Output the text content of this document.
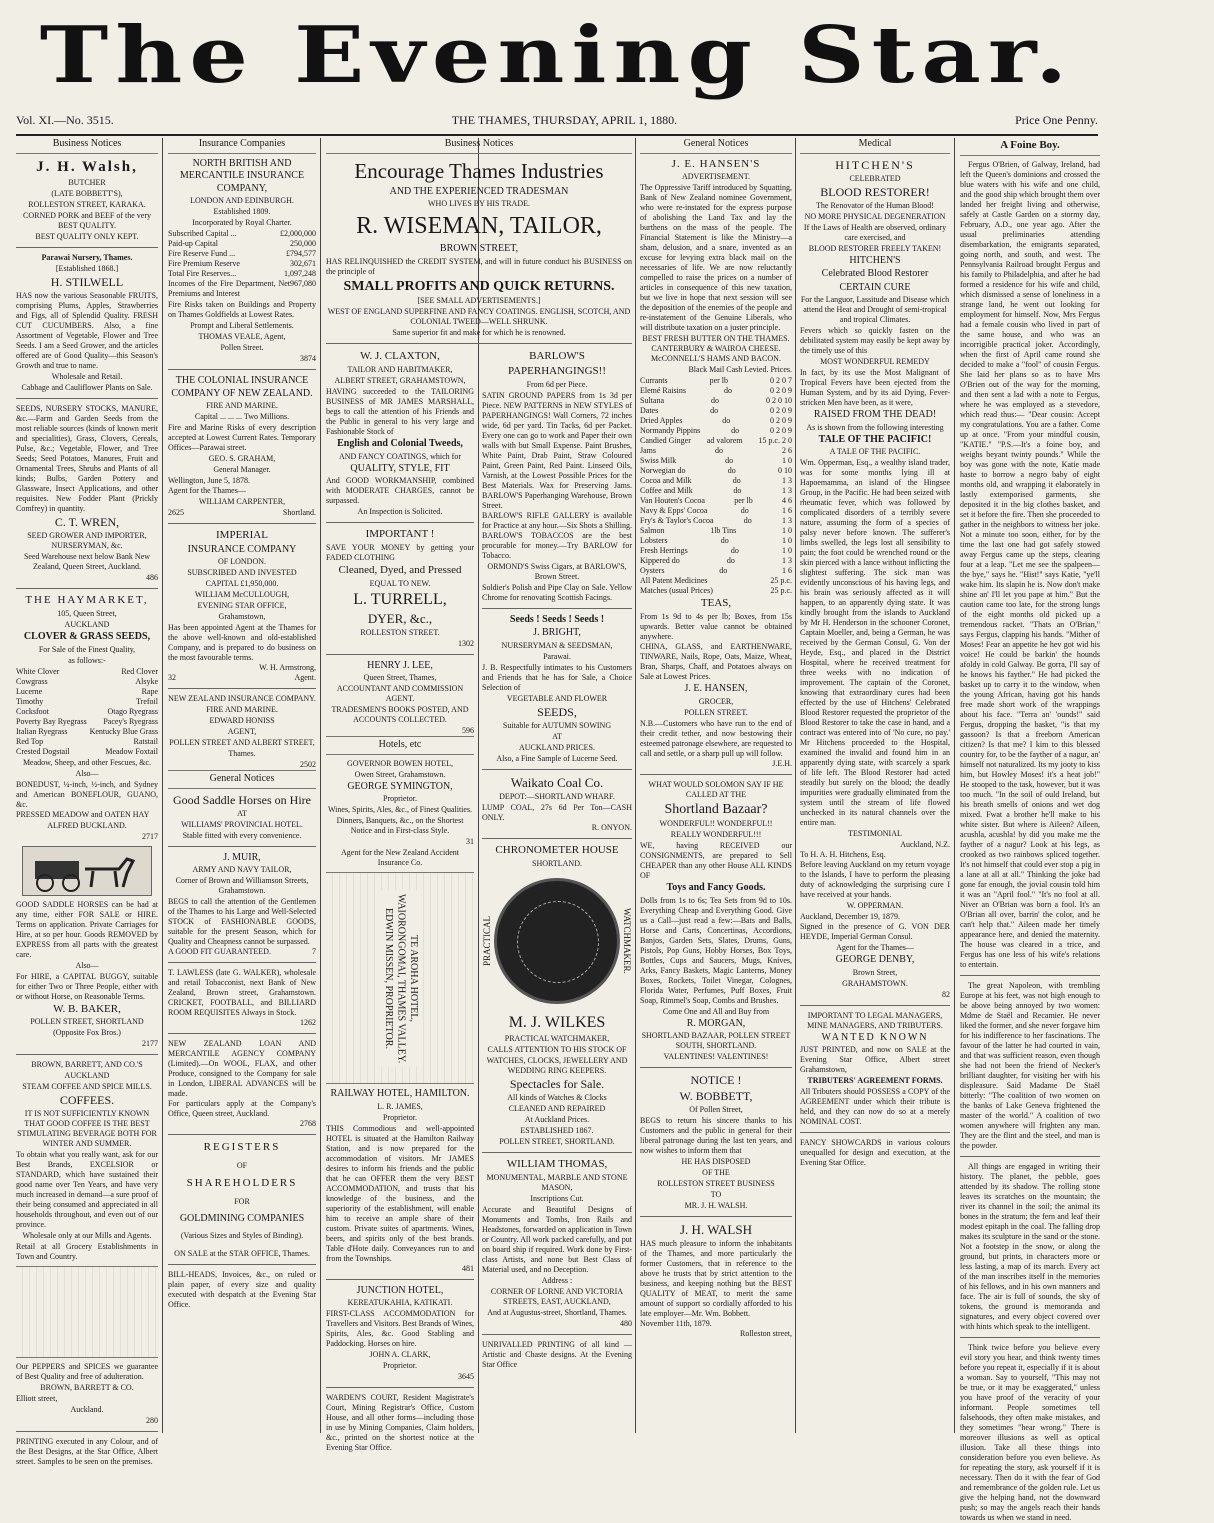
The Evening Star.
Vol. XI.—No. 3515.	THE THAMES, THURSDAY, APRIL 1, 1880.	Price One Penny.
Business Notices
J. H. Walsh,
BUTCHER
(LATE BOBBETT'S),
ROLLESTON STREET, KARAKA.
CORNED PORK and BEEF of the very BEST QUALITY.
BEST QUALITY ONLY KEPT.
Parawai Nursery, Thames.
[Established 1868.]
H. STILWELL
HAS now the various Seasonable FRUITS, comprising Plums, Apples, Strawberries and Figs, all of Splendid Quality. FRESH CUT CUCUMBERS. Also, a fine Assortment of Vegetable, Flower and Tree Seeds. I am a Seed Grower, and the articles offered are of Good Quality—this Season's Growth and true to name.
Wholesale and Retail.
Cabbage and Cauliflower Plants on Sale.
SEEDS, NURSERY STOCKS, MANURE, &c.—Farm and Garden Seeds from the most reliable sources (kinds of known merit and specialities), Grass, Clovers, Cereals, Pulse, &c.; Vegetable, Flower, and Tree Seeds; Seed Potatoes, Manures, Fruit and Ornamental Trees, Shrubs and Plants of all kinds; Bulbs, Garden Pottery and Glassware, Insect Applications, and other requisites. New Fodder Plant (Prickly Comfrey) in quantity.
C. T. WREN,
SEED GROWER AND IMPORTER, NURSERYMAN, &c.
Seed Warehouse next below Bank New Zealand, Queen Street, Auckland.
486
THE HAYMARKET,
105, Queen Street,
AUCKLAND
CLOVER & GRASS SEEDS,
For Sale of the Finest Quality,
as follows:-
White Clover	Red Clover
Cowgrass	Alsyke
Lucerne	Rape
Timothy	Trefoil
Cocksfoot	Otago Ryegrass
Poverty Bay Ryegrass Pacey's Ryegrass
Italian Ryegrass	Kentucky Blue Grass
Red Top	Ratstail
Crested Dogstail	Meadow Foxtail
Meadow, Sheep, and other Fescues, &c.
Also—
BONEDUST, ¼-inch, ½-inch, and Sydney and American BONEFLOUR, GUANO, &c.
PRESSED MEADOW and OATEN HAY
ALFRED BUCKLAND.
2717
GOOD SADDLE HORSES can be had at any time, either FOR SALE or HIRE. Terms on application. Private Carriages for Hire, at so per hour. Goods REMOVED by EXPRESS from all parts with the greatest care.
Also—
For HIRE, a CAPITAL BUGGY, suitable for either Two or Three People, either with or without Horse, on Reasonable Terms.
W. B. BAKER,
POLLEN STREET, SHORTLAND
(Opposite Fox Bros.)
2177
BROWN, BARRETT, AND CO.'S
AUCKLAND
STEAM COFFEE AND SPICE MILLS.
COFFEES.
IT IS NOT SUFFICIENTLY KNOWN THAT GOOD COFFEE IS THE BEST STIMULATING BEVERAGE BOTH FOR WINTER AND SUMMER.
To obtain what you really want, ask for our Best Brands, EXCELSIOR or STANDARD, which have sustained their good name over Ten Years, and have very much increased in demand—a sure proof of their being consumed and appreciated in all households throughout, and even out of our province.
Wholesale only at our Mills and Agents.
Retail at all Grocery Establishments in Town and Country.
Our PEPPERS and SPICES we guarantee of Best Quality and free of adulteration.
BROWN, BARRETT & CO.
Elliott street,
Auckland.
280
PRINTING executed in any Colour, and of the Best Designs, at the Star Office, Albert street. Samples to be seen on the premises.
Insurance Companies
NORTH BRITISH AND MERCANTILE INSURANCE COMPANY,
LONDON AND EDINBURGH.
Established 1809.
Incorporated by Royal Charter.
Subscribed Capital ...	£2,000,000
Paid-up Capital	250,000
Fire Reserve Fund ...	£794,577
Fire Premium Reserve	302,671
Total Fire Reserves...	1,097,248
Incomes of the Fire Department, Net Premiums and Interest
967,080
Fire Risks taken on Buildings and Property on Thames Goldfields at Lowest Rates.
Prompt and Liberal Settlements.
THOMAS VEALE, Agent,
Pollen Street.
3874
THE COLONIAL INSURANCE COMPANY OF NEW ZEALAND.
FIRE AND MARINE.
Capital ... ... ... Two Millions.
Fire and Marine Risks of every description accepted at Lowest Current Rates. Temporary Offices—Parawai street.
GEO. S. GRAHAM,
General Manager.
Wellington, June 5, 1878.
Agent for the Thames—
WILLIAM CARPENTER,
2625	Shortland.
IMPERIAL
INSURANCE COMPANY
OF LONDON.
SUBSCRIBED AND INVESTED
CAPITAL £1,950,000.
WILLIAM McCULLOUGH,
EVENING STAR OFFICE,
Grahamstown,
Has been appointed Agent at the Thames for the above well-known and old-established Company, and is prepared to do business on the most favourable terms.
W. H. Armstrong,
32	Agent.
NEW ZEALAND INSURANCE COMPANY.
FIRE AND MARINE.
EDWARD HONISS
AGENT,
POLLEN STREET AND ALBERT STREET,
Thames.
2502
General Notices
Good Saddle Horses on Hire
AT
WILLIAMS' PROVINCIAL HOTEL.
Stable fitted with every convenience.
J. MUIR,
ARMY AND NAVY TAILOR,
Corner of Brown and Williamson Streets, Grahamstown.
BEGS to call the attention of the Gentlemen of the Thames to his Large and Well-Selected STOCK of FASHIONABLE GOODS, suitable for the present Season, which for Quality and Cheapness cannot be surpassed.
A GOOD FIT GUARANTEED.	7
T. LAWLESS (late G. WALKER), wholesale and retail Tobacconist, next Bank of New Zealand, Brown street, Grahamstown. CRICKET, FOOTBALL, and BILLIARD ROOM REQUISITES Always in Stock.
1262
NEW ZEALAND LOAN AND MERCANTILE AGENCY COMPANY (Limited).—On WOOL, FLAX, and other Produce, consigned to the Company for sale in London, LIBERAL ADVANCES will be made.
For particulars apply at the Company's Office, Queen street, Auckland.
2768
REGISTERS
OF
SHAREHOLDERS
FOR
GOLDMINING COMPANIES
(Various Sizes and Styles of Binding).
ON SALE at the STAR OFFICE, Thames.
BILL-HEADS, Invoices, &c., on ruled or plain paper, of every size and quality executed with despatch at the Evening Star Office.
Business Notices
Encourage Thames Industries
AND THE EXPERIENCED TRADESMAN
WHO LIVES BY HIS TRADE.
R. WISEMAN, TAILOR,
BROWN STREET,
HAS RELINQUISHED the CREDIT SYSTEM, and will in future conduct his BUSINESS on the principle of
SMALL PROFITS AND QUICK RETURNS.
[SEE SMALL ADVERTISEMENTS.]
WEST OF ENGLAND SUPERFINE AND FANCY COATINGS. ENGLISH, SCOTCH, AND COLONIAL TWEED—WELL SHRUNK.
Same superior fit and make for which he is renowned.
W. J. CLAXTON,
TAILOR AND HABITMAKER,
ALBERT STREET, GRAHAMSTOWN,
HAVING succeeded to the TAILORING BUSINESS of MR JAMES MARSHALL, begs to call the attention of his Friends and the Public in general to his very large and Fashionable Stock of
English and Colonial Tweeds,
AND FANCY COATINGS, which for
QUALITY, STYLE, FIT
And GOOD WORKMANSHIP, combined with MODERATE CHARGES, cannot be surpassed.
An Inspection is Solicited.
IMPORTANT !
SAVE YOUR MONEY by getting your FADED CLOTHING
Cleaned, Dyed, and Pressed
EQUAL TO NEW.
L. TURRELL,
DYER, &c.,
ROLLESTON STREET.
1302
HENRY J. LEE,
Queen Street, Thames,
ACCOUNTANT AND COMMISSION AGENT.
TRADESMEN'S BOOKS POSTED, AND ACCOUNTS COLLECTED.
596
Hotels, etc
GOVERNOR BOWEN HOTEL,
Owen Street, Grahamstown.
GEORGE SYMINGTON,
Proprietor.
Wines, Spirits, Ales, &c., of Finest Qualities.
Dinners, Banquets, &c., on the Shortest Notice and in First-class Style.
31
Agent for the New Zealand Accident Insurance Co.
TE AROHA HOTEL,
WAIORONGOMAI, THAMES VALLEY.
EDWIN MISSEN, PROPRIETOR.
RAILWAY HOTEL, HAMILTON.
L. R. JAMES,
Proprietor.
THIS Commodious and well-appointed HOTEL is situated at the Hamilton Railway Station, and is now prepared for the accommodation of visitors. Mr JAMES desires to inform his friends and the public that he can OFFER them the very BEST ACCOMMODATION, and trusts that his knowledge of the business, and the superiority of the establishment, will enable him to receive an ample share of their custom. Private suites of apartments. Wines, beers, and spirits only of the best brands. Table d'Hote daily. Conveyances run to and from the Townships.
481
JUNCTION HOTEL,
KEREATUKAHIA, KATIKATI.
FIRST-CLASS ACCOMMODATION for Travellers and Visitors. Best Brands of Wines, Spirits, Ales, &c. Good Stabling and Paddocking. Horses on hire.
JOHN A. CLARK,
Proprietor.
3645
WARDEN'S COURT, Resident Magistrate's Court, Mining Registrar's Office, Custom House, and all other forms—including those in use by Mining Companies, Claim holders, &c., printed on the shortest notice at the Evening Star Office.
BARLOW'S
PAPERHANGINGS!!
From 6d per Piece.
SATIN GROUND PAPERS from 1s 3d per Piece. NEW PATTERNS in NEW STYLES of PAPERHANGINGS! Wall Corners, 72 inches wide, 6d per yard. Tin Tacks, 6d per Packet. Every one can go to work and Paper their own walls with but Small Expense. Paint Brushes, White Paint, Drab Paint, Straw Coloured Paint, Green Paint, Red Paint. Linseed Oils, Varnish, at the Lowest Possible Prices for the Best Materials. Wax for Preserving Jams. BARLOW'S Paperhanging Warehouse, Brown Street.
BARLOW'S RIFLE GALLERY is available for Practice at any hour.—Six Shots a Shilling.
BARLOW'S TOBACCOS are the best procurable for money.—Try BARLOW for Tobacco.
ORMOND'S Swiss Cigars, at BARLOW'S, Brown Street.
Soldier's Polish and Pipe Clay on Sale. Yellow Chrome for renovating Scottish Facings.
Seeds ! Seeds ! Seeds !
J. BRIGHT,
NURSERYMAN & SEEDSMAN,
Parawai.
J. B. Respectfully intimates to his Customers and Friends that he has for Sale, a Choice Selection of
VEGETABLE AND FLOWER
SEEDS,
Suitable for AUTUMN SOWING
AT
AUCKLAND PRICES.
Also, a Fine Sample of Lucerne Seed.
Waikato Coal Co.
DEPOT:—SHORTLAND WHARF.
LUMP COAL, 27s 6d Per Ton—CASH ONLY.
R. ONYON.
CHRONOMETER HOUSE
SHORTLAND.
PRACTICAL	WATCHMAKER.
M. J. WILKES
PRACTICAL WATCHMAKER,
CALLS ATTENTION TO HIS STOCK OF
WATCHES, CLOCKS, JEWELLERY AND WEDDING RING KEEPERS.
Spectacles for Sale.
All kinds of Watches & Clocks
CLEANED AND REPAIRED
At Auckland Prices.
ESTABLISHED 1867.
POLLEN STREET, SHORTLAND.
WILLIAM THOMAS,
MONUMENTAL, MARBLE AND STONE MASON,
Inscriptions Cut.
Accurate and Beautiful Designs of Monuments and Tombs, Iron Rails and Headstones, forwarded on application in Town or Country. All work packed carefully, and put on board ship if required. Work done by First-class Artists, and none but Best Class of Material used, and no Deception.
Address :
CORNER OF LORNE AND VICTORIA STREETS, EAST, AUCKLAND,
And at Augustus-street, Shortland, Thames.
480
UNRIVALLED PRINTING of all kind —Artistic and Chaste designs. At the Evening Star Office
General Notices
J. E. HANSEN'S
ADVERTISEMENT.
The Oppressive Tariff introduced by Squatting, Bank of New Zealand nominee Government, who were re-instated for the express purpose of abolishing the Land Tax and lay the burthens on the mass of the people. The Financial Statement is like the Ministry—a sham, delusion, and a snare, invented as an excuse for levying extra black mail on the necessaries of life. We are now reluctantly compelled to raise the prices on a number of articles in consequence of this new taxation, but we live in hope that next session will see the deposition of the enemies of the people and re-instatement of the Genuine Liberals, who will distribute taxation on a juster principle.
BEST FRESH BUTTER ON THE THAMES. CANTERBURY & WAIROA CHEESE. McCONNELL'S HAMS AND BACON.
Black Mail Cash Levied. Prices.
Currants	per lb	0 2 0 7
Elemé Raisins	do	0 2 0 9
Sultana	do	0 2 0 10
Dates	do	0 2 0 9
Dried Apples	do	0 2 0 9
Normandy Pippins	do	0 2 0 9
Candied Ginger ad valorem 15 p.c. 2 0
Jams	do	2 6
Swiss Milk	do	1 0
Norwegian do	do	0 10
Cocoa and Milk	do	1 3
Coffee and Milk	do	1 3
Van Houten's Cocoa	per lb	4 6
Navy & Epps' Cocoa	do	1 6
Fry's & Taylor's Cocoa	do	1 3
Salmon	1lb Tins	1 0
Lobsters	do	1 0
Fresh Herrings	do	1 0
Kippered do	do	1 3
Oysters	do	1 6
All Patent Medicines	25 p.c.
Matches (usual Prices)	25 p.c.
TEAS,
From 1s 9d to 4s per lb; Boxes, from 15s upwards. Better value cannot be obtained anywhere.
CHINA, GLASS, and EARTHENWARE, TINWARE, Nails, Rope, Oats, Maize, Wheat, Bran, Sharps, Chaff, and Potatoes always on Sale at Lowest Prices.
J. E. HANSEN,
GROCER,
POLLEN STREET.
N.B.—Customers who have run to the end of their credit tether, and now bestowing their esteemed patronage elsewhere, are requested to call and settle, or a sharp pull up will follow.
J.E.H.
WHAT WOULD SOLOMON SAY IF HE CALLED AT THE
Shortland Bazaar?
WONDERFUL!! WONDERFUL!!
REALLY WONDERFUL!!!
WE, having RECEIVED our CONSIGNMENTS, are prepared to Sell CHEAPER than any other House ALL KINDS OF
Toys and Fancy Goods.
Dolls from 1s to 6s; Tea Sets from 9d to 10s. Everything Cheap and Everything Good. Give us a Call—just read a few:—Bats and Balls, Horse and Carts, Concertinas, Accordions, Banjos, Garden Sets, Slates, Drums, Guns, Pistols, Pop Guns, Hobby Horses, Box Toys, Bottles, Cups and Saucers, Mugs, Knives, Arks, Fancy Baskets, Magic Lanterns, Money Boxes, Rockets, Toilet Vinegar, Colognes, Florida Water, Perfumes, Puff Boxes, Fruit Soap, Rimmel's Soap, Combs and Brushes.
Come One and All and Buy from
R. MORGAN,
SHORTLAND BAZAAR, POLLEN STREET SOUTH, SHORTLAND.
VALENTINES! VALENTINES!
NOTICE !
W. BOBBETT,
Of Pollen Street,
BEGS to return his sincere thanks to his Customers and the public in general for their liberal patronage during the last ten years, and now wishes to inform them that
HE HAS DISPOSED
OF THE
ROLLESTON STREET BUSINESS
TO
MR. J. H. WALSH.
J. H. WALSH
HAS much pleasure to inform the inhabitants of the Thames, and more particularly the former Customers, that in reference to the above he trusts that by strict attention to the business, and keeping nothing but the BEST QUALITY of MEAT, to merit the same amount of support so cordially afforded to his late employer—Mr. Wm. Bobbett.
November 11th, 1879.
Rolleston street,
Medical
HITCHEN'S
CELEBRATED
BLOOD RESTORER!
The Renovator of the Human Blood!
NO MORE PHYSICAL DEGENERATION
If the Laws of Health are observed, ordinary care exercised, and
BLOOD RESTORER FREELY TAKEN!
HITCHEN'S
Celebrated Blood Restorer
CERTAIN CURE
For the Languor, Lassitude and Disease which attend the Heat and Drought of semi-tropical and tropical Climates.
Fevers which so quickly fasten on the debilitated system may easily be kept away by the timely use of this
MOST WONDERFUL REMEDY
In fact, by its use the Most Malignant of Tropical Fevers have been ejected from the Human System, and by its aid Dying, Fever-stricken Men have been, as it were,
RAISED FROM THE DEAD!
As is shown from the following interesting
TALE OF THE PACIFIC!
A TALE OF THE PACIFIC.
Wm. Opperman, Esq., a wealthy island trader, was for some months lying ill at Hapoemamma, an island of the Hingsee Group, in the Pacific. He had been seized with rheumatic fever, which was followed by complicated disorders of a terribly severe nature, assuming the form of a species of palsy never before known. The sufferer's limbs swelled, the legs lost all sensibility to pain; the foot could be wrenched round or the skin pierced with a lance without inflicting the slightest suffering. The sick man was evidently unconscious of his having legs, and his brain was seriously affected as it will happen, to an apparently dying state. It was kindly brought from the islands to Auckland by Mr H. Henderson in the schooner Coronet, Captain Moeller, and, being a German, he was received by the German Consul, G. Von der Heyde, Esq., and placed in the District Hospital, where he received treatment for three weeks with no indication of improvement. The captain of the Coronet, knowing that extraordinary cures had been effected by the use of Hitchens' Celebrated Blood Restorer requested the proprietor of the Blood Restorer to take the case in hand, and a contract was entered into of 'No cure, no pay.' Mr Hitchens proceeded to the Hospital, examined the invalid and found him in an apparently dying state, with scarcely a spark of life left. The Blood Restorer had acted steadily but surely on the blood; the deadly impurities were gradually eliminated from the system until the stream of life flowed unchecked in its natural channels over the entire man.
TESTIMONIAL
Auckland, N.Z.
To H. A. H. Hitchens, Esq.
Before leaving Auckland on my return voyage to the Islands, I have to perform the pleasing duty of acknowledging the surprising cure I have received at your hands.
W. OPPERMAN.
Auckland, December 19, 1879.
Signed in the presence of G. VON DER HEYDE, Imperial German Consul.
Agent for the Thames—
GEORGE DENBY,
Brown Street,
GRAHAMSTOWN.
82
IMPORTANT TO LEGAL MANAGERS, MINE MANAGERS, AND TRIBUTERS.
WANTED KNOWN
JUST PRINTED, and now on SALE at the Evening Star Office, Albert street Grahamstown,
TRIBUTERS' AGREEMENT FORMS.
All Tributers should POSSESS a COPY of the AGREEMENT under which their tribute is held, and they can now do so at a merely NOMINAL COST.
FANCY SHOWCARDS in various colours unequalled for design and execution, at the Evening Star Office.
A Foine Boy.
Fergus O'Brien, of Galway, Ireland, had left the Queen's dominions and crossed the blue waters with his wife and one child, and the good ship which brought them over landed her freight living and otherwise, safely at Castle Garden on a stormy day, February, A.D., one year ago. After the usual preliminaries attending disembarkation, the emigrants separated, going north, and south, and west. The Pennsylvania Railroad brought Fergus and his family to Philadelphia, and after he had formed a residence for his wife and child, which dismissed a sense of loneliness in a strange land, he went out looking for employment for himself. Now, Mrs Fergus had a female cousin who lived in part of the same house, and who was an incorrigible practical joker. Accordingly, when the first of April came round she decided to make a "fool" of cousin Fergus. She laid her plans so as to have Mrs O'Brien out of the way for the morning, and then sent a lad with a note to Fergus, where he was employed as a stevedore, which read thus:— "Dear cousin: Accept my congratulations. You are a father. Come up at once. "From your mindful cousin, "KATIE." "P.S.—It's a foine boy, and weighs beyant twinty pounds." While the boy was gone with the note, Katie made haste to borrow a negro baby of eight months old, and wrapping it elaborately in lastly extemporised garments, she deposited it in the big clothes basket, and set it before the fire. Then she proceeded to gather in the neighbors to witness her joke. Not a minute too soon, either, for by the time the last one had got safely stowed away Fergus came up the steps, clearing four at a leap. "Let me see the spalpeen—the bye," says he. "Hist!" says Katie, "ye'll wake him. Its slapin he is. Now don't make shine an' I'll let you pape at him." But the caution came too late, for the strong lungs of the eight months old picked up a tremendous racket. "Thats an O'Brian," says Fergus, clapping his hands. "Mither of Moses! Fear an appetite he hev got wid his voice! He could be barkin' the hounds afoldy in cold Galway. Be gorra, I'll say of he knows his fayther." He had picked the basket up to carry it to the window, when the young African, having got his hands free made short work of the wrappings about his face. "Terra an' 'ounds!" said Fergus, dropping the basket, "is that my gassoon? Is that a freeborn American citizen? Is that me? I kim to this blessed country for, to be the fayther of a nagur, an' himself not naturalized. Its my jooty to kiss him, but Howley Moses! it's a heat job!" He stooped to the task, however, but it was too much. "In the soil of ould Ireland, but his breath smells of onions and wet dog mixed. Fwat a brother he'll make to his white sister. But where is Aileen? Aileen, acushla, acushla! by did you make me the fayther of a nagur? Look at his legs, as crooked as two rainbows spliced together. It's not himself that could ever stop a pig in a lane at all at all." Thinking the joke had gone far enough, the jovial cousin told him it was an "April fool." "It's no fool at all. Niver an O'Brian was born a fool. It's an O'Brian all over, barrin' the color, and he can't help that." Aileen made her timely appearance here, and denied the maternity. The house was cleared in a trice, and Fergus has one less of his wife's relations to entertain.
The great Napoleon, with trembling Europe at his feet, was not high enough to be above being annoyed by two women: Mdme de Staël and Recamier. He never liked the former, and she never forgave him for his indifference to her fascinations. The favour of the latter he had courted in vain, and that was sufficient reason, even though she had not been the friend of Necker's brilliant daughter, for visiting her with his displeasure. Said Madame De Staël bitterly: "The coalition of two women on the banks of Lake Geneva frightened the master of the world." A coalition of two women anywhere will frighten any man. They are the flint and the steel, and man is the powder.
All things are engaged in writing their history. The planet, the pebble, goes attended by its shadow. The rolling stone leaves its scratches on the mountain; the river its channel in the soil; the animal its bones in the stratum; the fern and leaf their modest epitaph in the coal. The falling drop makes its sculpture in the sand or the stone. Not a footstep in the snow, or along the ground, but prints, in characters more or less lasting, a map of its march. Every act of the man inscribes itself in the memories of his fellows, and in his own manners and face. The air is full of sounds, the sky of tokens, the ground is memoranda and signatures, and every object covered over with hints which speak to the intelligent.
Think twice before you believe every evil story you hear, and think twenty times before you repeat it, especially if it is about a woman. Say to yourself, "This may not be true, or it may be exaggerated," unless you have proof of the veracity of your informant. People sometimes tell falsehoods, they often make mistakes, and they sometimes "hear wrong." There is moreover illusions as well as optical illusion. Take all these things into consideration before you even believe. As for repeating the story, ask yourself if it is necessary. Then do it with the fear of God and remembrance of the golden rule. Let us give the helping hand, not the downward push; so may the angels reach their hands towards us when we stand in need.
